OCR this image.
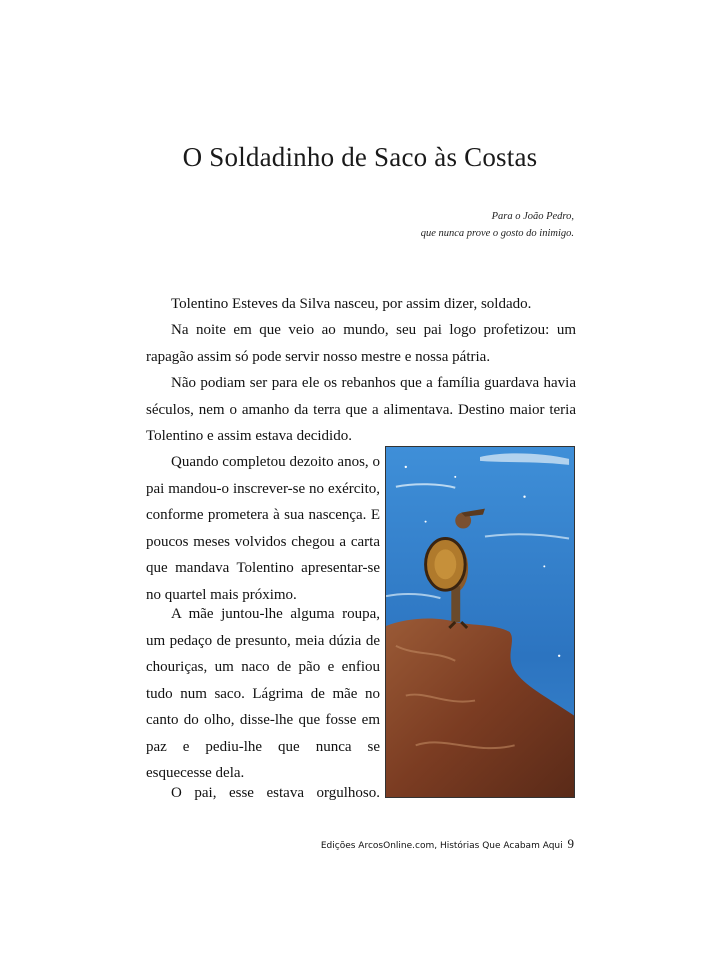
O Soldadinho de Saco às Costas
Para o João Pedro,
que nunca prove o gosto do inimigo.

Tolentino Esteves da Silva nasceu, por assim dizer, soldado.

Na noite em que veio ao mundo, seu pai logo profetizou: um rapagão assim só pode servir nosso mestre e nossa pátria.

Não podiam ser para ele os rebanhos que a família guardava havia séculos, nem o amanho da terra que a alimentava. Destino maior teria Tolentino e assim estava decidido.

Quando completou dezoito anos, o pai mandou-o inscrever-se no exército, conforme prometera à sua nascença. E poucos meses volvidos chegou a carta que mandava Tolentino apresentar-se no quartel mais próximo.

A mãe juntou-lhe alguma roupa, um pedaço de presunto, meia dúzia de chouriças, um naco de pão e enfiou tudo num saco. Lágrima de mãe no canto do olho, disse-lhe que fosse em paz e pediu-lhe que nunca se esquecesse dela.

O pai, esse estava orgulhoso.

Edições ArcosOnline.com, Histórias Que Acabam Aqui 9
